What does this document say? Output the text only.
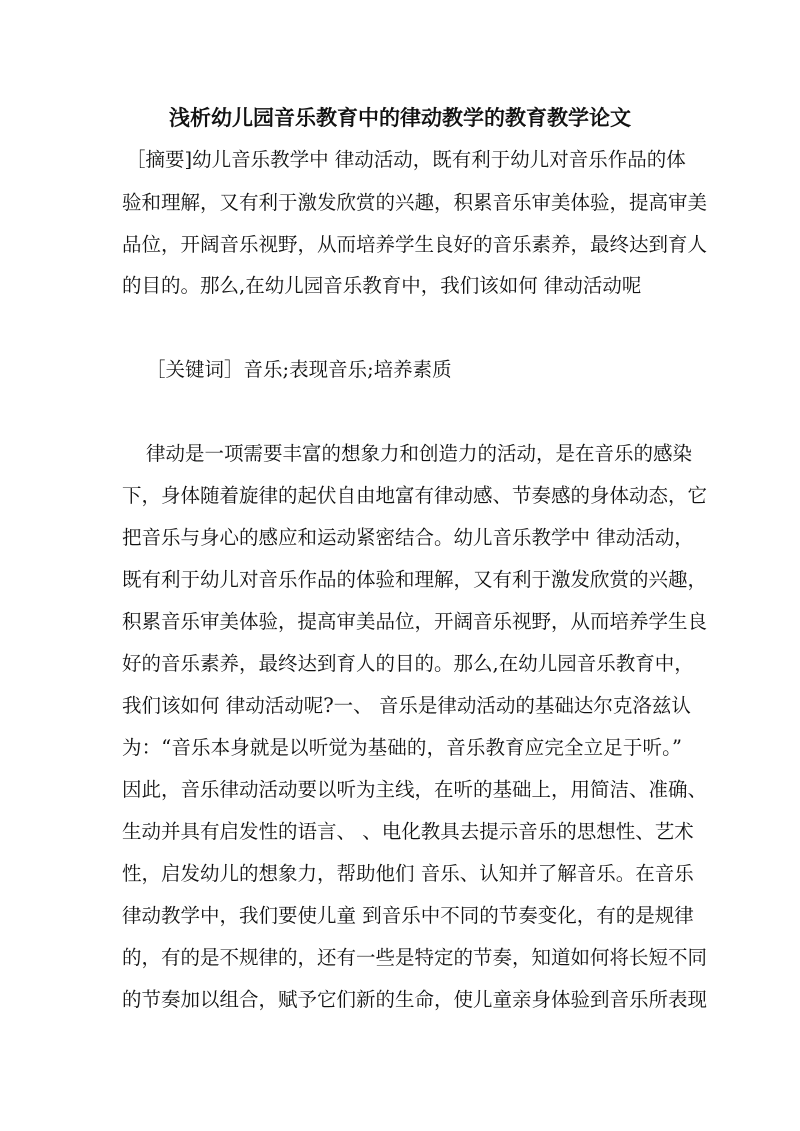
浅析幼儿园音乐教育中的律动教学的教育教学论文
［摘要]幼儿音乐教学中 律动活动，既有利于幼儿对音乐作品的体
验和理解，又有利于激发欣赏的兴趣，积累音乐审美体验，提高审美
品位，开阔音乐视野，从而培养学生良好的音乐素养，最终达到育人
的目的。那么,在幼儿园音乐教育中，我们该如何 律动活动呢
［关键词］音乐;表现音乐;培养素质
律动是一项需要丰富的想象力和创造力的活动，是在音乐的感染
下，身体随着旋律的起伏自由地富有律动感、节奏感的身体动态，它
把音乐与身心的感应和运动紧密结合。幼儿音乐教学中 律动活动，
既有利于幼儿对音乐作品的体验和理解，又有利于激发欣赏的兴趣，
积累音乐审美体验，提高审美品位，开阔音乐视野，从而培养学生良
好的音乐素养，最终达到育人的目的。那么,在幼儿园音乐教育中，
我们该如何 律动活动呢?一、 音乐是律动活动的基础达尔克洛兹认
为：“音乐本身就是以听觉为基础的，音乐教育应完全立足于听。”
因此，音乐律动活动要以听为主线，在听的基础上，用简洁、准确、
生动并具有启发性的语言、 、电化教具去提示音乐的思想性、艺术
性，启发幼儿的想象力，帮助他们 音乐、认知并了解音乐。在音乐
律动教学中，我们要使儿童 到音乐中不同的节奏变化，有的是规律
的，有的是不规律的，还有一些是特定的节奏，知道如何将长短不同
的节奏加以组合，赋予它们新的生命，使儿童亲身体验到音乐所表现
